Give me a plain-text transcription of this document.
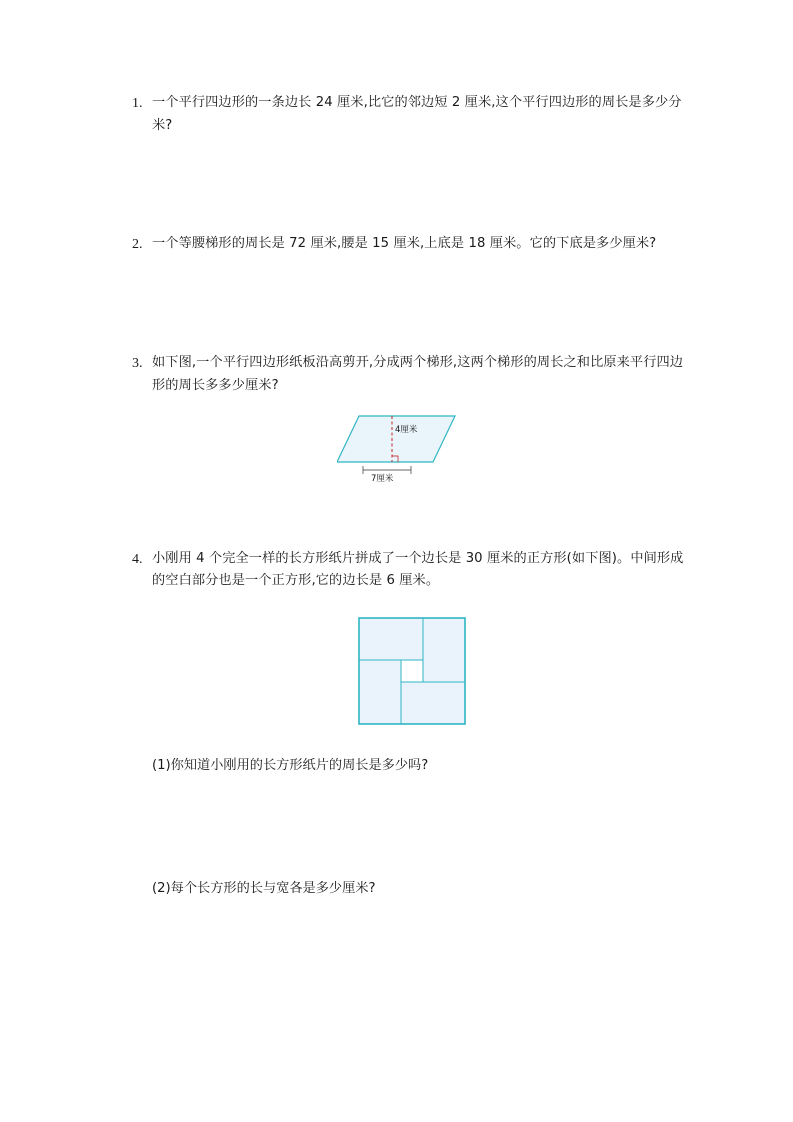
1. 一个平行四边形的一条边长 24 厘米,比它的邻边短 2 厘米,这个平行四边形的周长是多少分米?
2. 一个等腰梯形的周长是 72 厘米,腰是 15 厘米,上底是 18 厘米。它的下底是多少厘米?
3. 如下图,一个平行四边形纸板沿高剪开,分成两个梯形,这两个梯形的周长之和比原来平行四边形的周长多多少厘米?
4厘米
7厘米
4. 小刚用 4 个完全一样的长方形纸片拼成了一个边长是 30 厘米的正方形(如下图)。中间形成的空白部分也是一个正方形,它的边长是 6 厘米。
(1)你知道小刚用的长方形纸片的周长是多少吗?
(2)每个长方形的长与宽各是多少厘米?
